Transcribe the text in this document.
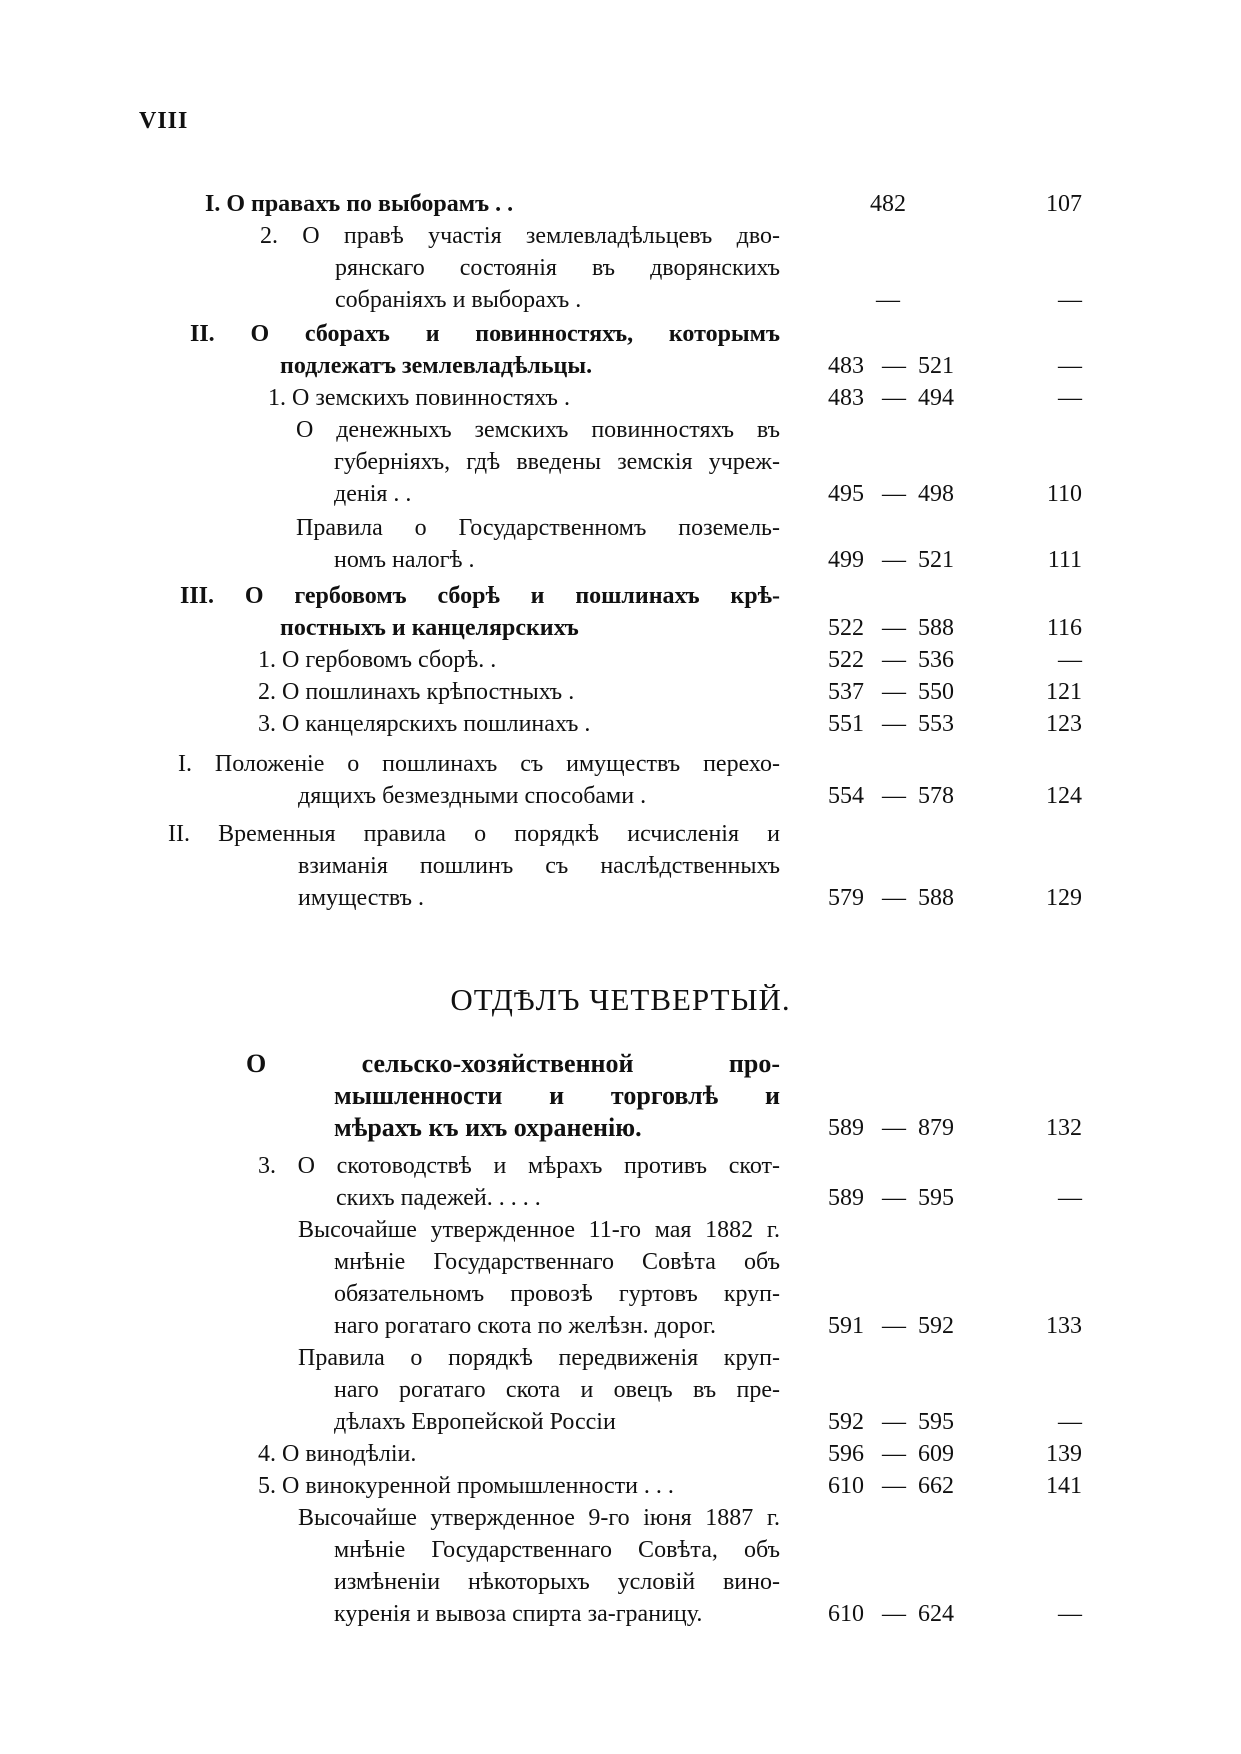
VIII
I. О правахъ по выборамъ . .	482	107
2. О правѣ участія землевладѣльцевъ дво-
рянскаго состоянія въ дворянскихъ
собраніяхъ и выборахъ .	—	—
II. О сборахъ и повинностяхъ, которымъ
подлежатъ землевладѣльцы.	483 — 521	—
1. О земскихъ повинностяхъ .	483 — 494	—
О денежныхъ земскихъ повинностяхъ въ
губерніяхъ, гдѣ введены земскія учреж-
денія . .	495 — 498	110
Правила о Государственномъ поземель-
номъ налогѣ .	499 — 521	111
III. О гербовомъ сборѣ и пошлинахъ крѣ-
постныхъ и канцелярскихъ	522 — 588	116
1. О гербовомъ сборѣ. .	522 — 536	—
2. О пошлинахъ крѣпостныхъ .	537 — 550	121
3. О канцелярскихъ пошлинахъ .	551 — 553	123
I. Положеніе о пошлинахъ съ имуществъ перехо-
дящихъ безмездными способами .	554 — 578	124
II. Временныя правила о порядкѣ исчисленія и
взиманія пошлинъ съ наслѣдственныхъ
имуществъ .	579 — 588	129
ОТДѢЛЪ ЧЕТВЕРТЫЙ.
О сельско-хозяйственной про-
мышленности и торговлѣ и
мѣрахъ къ ихъ охраненію.	589 — 879	132
3. О скотоводствѣ и мѣрахъ противъ скот-
скихъ падежей. . . . .	589 — 595	—
Высочайше утвержденное 11-го мая 1882 г.
мнѣніе Государственнаго Совѣта объ
обязательномъ провозѣ гуртовъ круп-
наго рогатаго скота по желѣзн. дорог.	591 — 592	133
Правила о порядкѣ передвиженія круп-
наго рогатаго скота и овецъ въ пре-
дѣлахъ Европейской Россіи	592 — 595	—
4. О винодѣліи.	596 — 609	139
5. О винокуренной промышленности . . .	610 — 662	141
Высочайше утвержденное 9-го іюня 1887 г.
мнѣніе Государственнаго Совѣта, объ
измѣненіи нѣкоторыхъ условій вино-
куренія и вывоза спирта за-границу.	610 — 624	—
